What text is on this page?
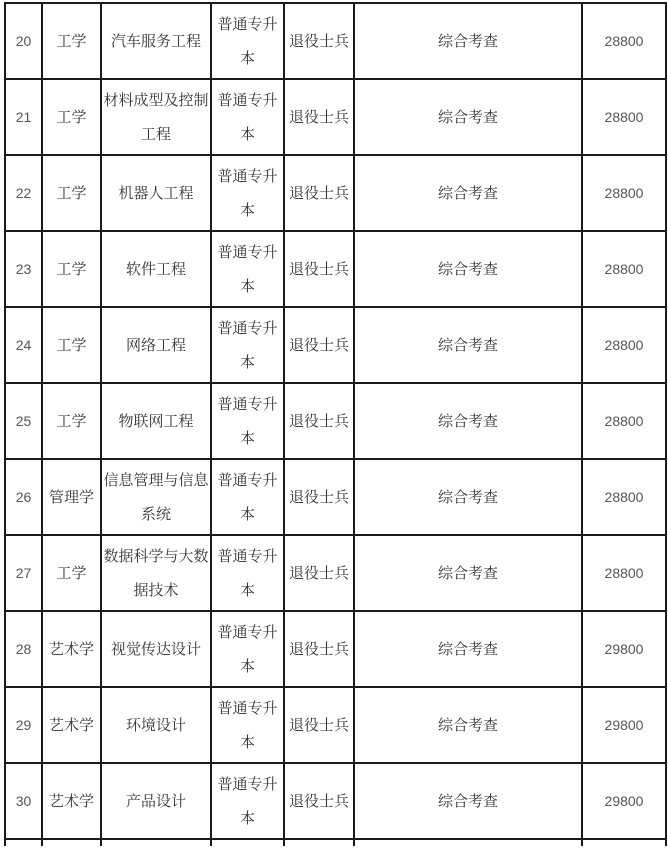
20	工学	汽车服务工程	普通专升本	退役士兵	综合考查	28800
21	工学	材料成型及控制工程	普通专升本	退役士兵	综合考查	28800
22	工学	机器人工程	普通专升本	退役士兵	综合考查	28800
23	工学	软件工程	普通专升本	退役士兵	综合考查	28800
24	工学	网络工程	普通专升本	退役士兵	综合考查	28800
25	工学	物联网工程	普通专升本	退役士兵	综合考查	28800
26	管理学	信息管理与信息系统	普通专升本	退役士兵	综合考查	28800
27	工学	数据科学与大数据技术	普通专升本	退役士兵	综合考查	28800
28	艺术学	视觉传达设计	普通专升本	退役士兵	综合考查	29800
29	艺术学	环境设计	普通专升本	退役士兵	综合考查	29800
30	艺术学	产品设计	普通专升本	退役士兵	综合考查	29800
